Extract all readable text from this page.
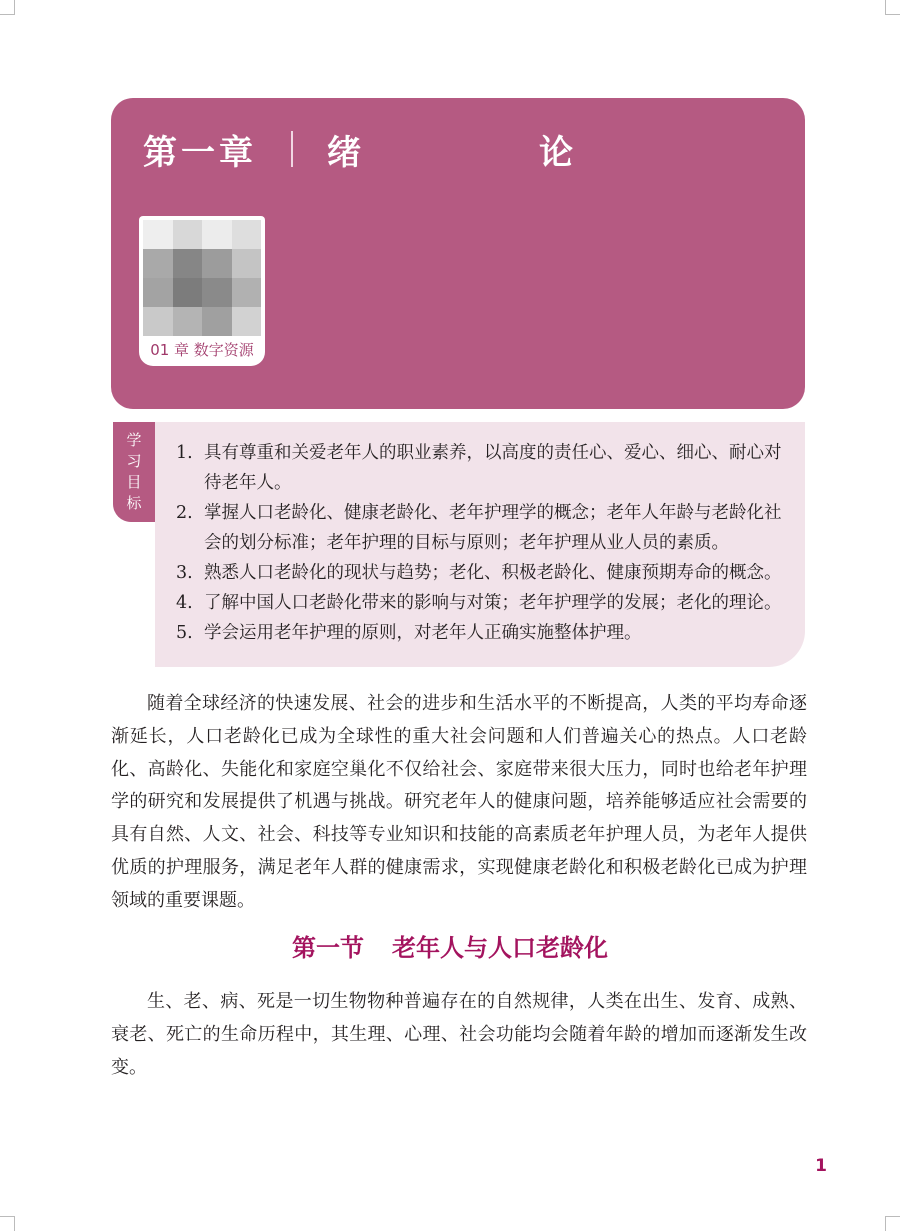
第一章 绪　论
01 章 数字资源
学
习
目
标
1. 具有尊重和关爱老年人的职业素养，以高度的责任心、爱心、细心、耐心对待老年人。
2. 掌握人口老龄化、健康老龄化、老年护理学的概念；老年人年龄与老龄化社会的划分标准；老年护理的目标与原则；老年护理从业人员的素质。
3. 熟悉人口老龄化的现状与趋势；老化、积极老龄化、健康预期寿命的概念。
4. 了解中国人口老龄化带来的影响与对策；老年护理学的发展；老化的理论。
5. 学会运用老年护理的原则，对老年人正确实施整体护理。

随着全球经济的快速发展、社会的进步和生活水平的不断提高，人类的平均寿命逐渐延长，人口老龄化已成为全球性的重大社会问题和人们普遍关心的热点。人口老龄化、高龄化、失能化和家庭空巢化不仅给社会、家庭带来很大压力，同时也给老年护理学的研究和发展提供了机遇与挑战。研究老年人的健康问题，培养能够适应社会需要的具有自然、人文、社会、科技等专业知识和技能的高素质老年护理人员，为老年人提供优质的护理服务，满足老年人群的健康需求，实现健康老龄化和积极老龄化已成为护理领域的重要课题。

第一节 老年人与人口老龄化

生、老、病、死是一切生物物种普遍存在的自然规律，人类在出生、发育、成熟、衰老、死亡的生命历程中，其生理、心理、社会功能均会随着年龄的增加而逐渐发生改变。

1
